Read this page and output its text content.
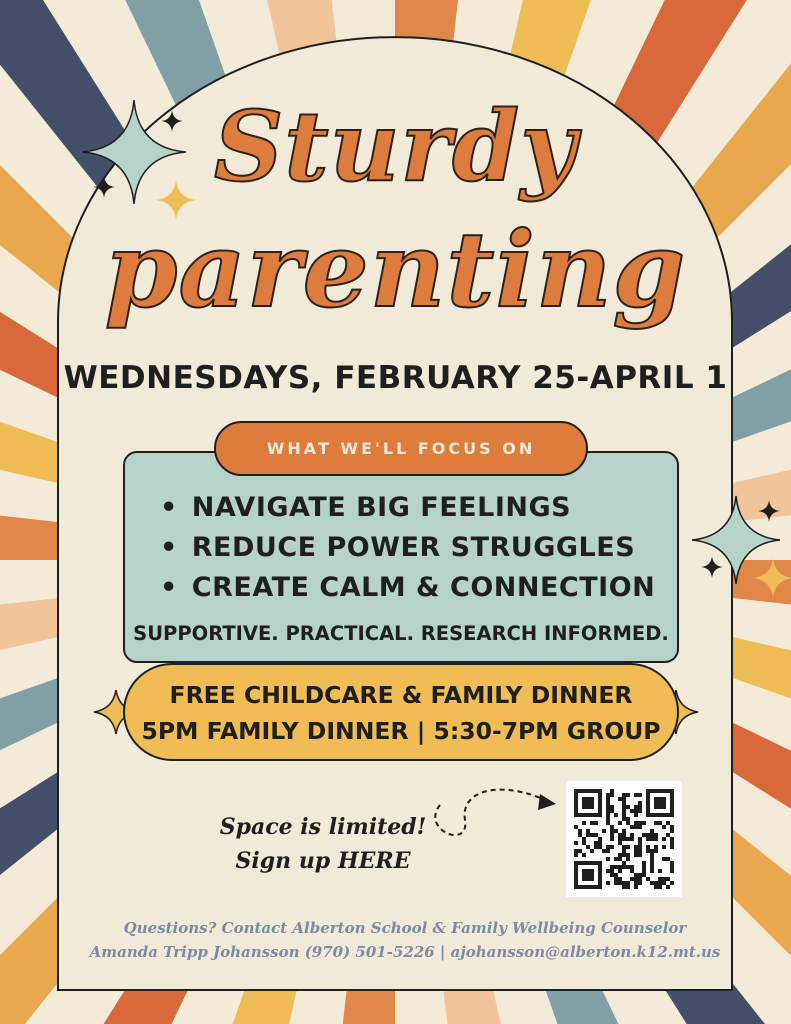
Sturdy
parenting
WEDNESDAYS, FEBRUARY 25-APRIL 1
WHAT WE'LL FOCUS ON
• NAVIGATE BIG FEELINGS
• REDUCE POWER STRUGGLES
• CREATE CALM & CONNECTION
SUPPORTIVE. PRACTICAL. RESEARCH INFORMED.
FREE CHILDCARE & FAMILY DINNER
5PM FAMILY DINNER | 5:30-7PM GROUP
Space is limited!
Sign up HERE
Questions? Contact Alberton School & Family Wellbeing Counselor
Amanda Tripp Johansson (970) 501-5226 | ajohansson@alberton.k12.mt.us
